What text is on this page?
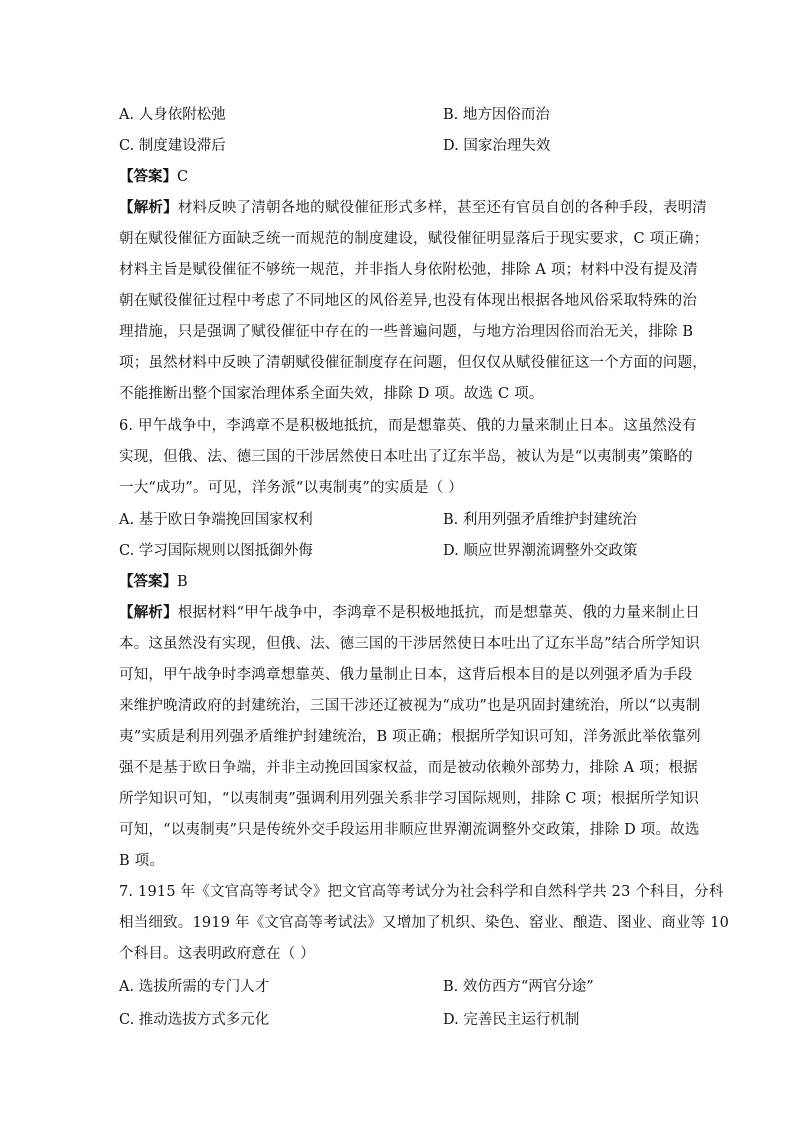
A. 人身依附松弛	B. 地方因俗而治
C. 制度建设滞后	D. 国家治理失效
【答案】C
【解析】材料反映了清朝各地的赋役催征形式多样，甚至还有官员自创的各种手段，表明清
朝在赋役催征方面缺乏统一而规范的制度建设，赋役催征明显落后于现实要求，C 项正确；
材料主旨是赋役催征不够统一规范，并非指人身依附松弛，排除 A 项；材料中没有提及清
朝在赋役催征过程中考虑了不同地区的风俗差异,也没有体现出根据各地风俗采取特殊的治
理措施，只是强调了赋役催征中存在的一些普遍问题，与地方治理因俗而治无关，排除 B
项；虽然材料中反映了清朝赋役催征制度存在问题，但仅仅从赋役催征这一个方面的问题，
不能推断出整个国家治理体系全面失效，排除 D 项。故选 C 项。
6. 甲午战争中，李鸿章不是积极地抵抗，而是想靠英、俄的力量来制止日本。这虽然没有
实现，但俄、法、德三国的干涉居然使日本吐出了辽东半岛，被认为是“以夷制夷”策略的
一大“成功”。可见，洋务派“以夷制夷”的实质是（ ）
A. 基于欧日争端挽回国家权利	B. 利用列强矛盾维护封建统治
C. 学习国际规则以图抵御外侮	D. 顺应世界潮流调整外交政策
【答案】B
【解析】根据材料“甲午战争中，李鸿章不是积极地抵抗，而是想靠英、俄的力量来制止日
本。这虽然没有实现，但俄、法、德三国的干涉居然使日本吐出了辽东半岛”结合所学知识
可知，甲午战争时李鸿章想靠英、俄力量制止日本，这背后根本目的是以列强矛盾为手段
来维护晚清政府的封建统治，三国干涉还辽被视为“成功”也是巩固封建统治，所以“以夷制
夷”实质是利用列强矛盾维护封建统治，B 项正确；根据所学知识可知，洋务派此举依靠列
强不是基于欧日争端，并非主动挽回国家权益，而是被动依赖外部势力，排除 A 项；根据
所学知识可知，“以夷制夷”强调利用列强关系非学习国际规则，排除 C 项；根据所学知识
可知，“以夷制夷”只是传统外交手段运用非顺应世界潮流调整外交政策，排除 D 项。故选
B 项。
7. 1915 年《文官高等考试令》把文官高等考试分为社会科学和自然科学共 23 个科目，分科
相当细致。1919 年《文官高等考试法》又增加了机织、染色、窑业、酿造、图业、商业等 10
个科目。这表明政府意在（ ）
A. 选拔所需的专门人才	B. 效仿西方“两官分途”
C. 推动选拔方式多元化	D. 完善民主运行机制
